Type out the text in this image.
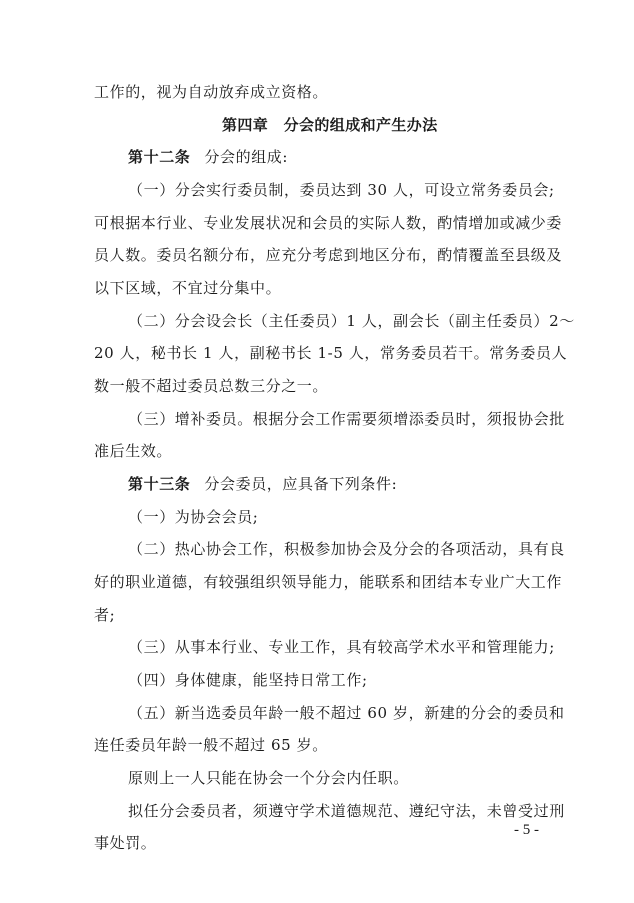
工作的，视为自动放弃成立资格。
第四章　分会的组成和产生办法
第十二条 分会的组成:
（一）分会实行委员制，委员达到 30 人，可设立常务委员会;
可根据本行业、专业发展状况和会员的实际人数，酌情增加或减少委
员人数。委员名额分布，应充分考虑到地区分布，酌情覆盖至县级及
以下区域，不宜过分集中。
（二）分会设会长（主任委员）1 人，副会长（副主任委员）2～
20 人，秘书长 1 人，副秘书长 1-5 人，常务委员若干。常务委员人
数一般不超过委员总数三分之一。
（三）增补委员。根据分会工作需要须增添委员时，须报协会批
准后生效。
第十三条 分会委员，应具备下列条件:
（一）为协会会员;
（二）热心协会工作，积极参加协会及分会的各项活动，具有良
好的职业道德，有较强组织领导能力，能联系和团结本专业广大工作
者;
（三）从事本行业、专业工作，具有较高学术水平和管理能力;
（四）身体健康，能坚持日常工作;
（五）新当选委员年龄一般不超过 60 岁，新建的分会的委员和
连任委员年龄一般不超过 65 岁。
原则上一人只能在协会一个分会内任职。
拟任分会委员者，须遵守学术道德规范、遵纪守法，未曾受过刑
事处罚。
- 5 -
